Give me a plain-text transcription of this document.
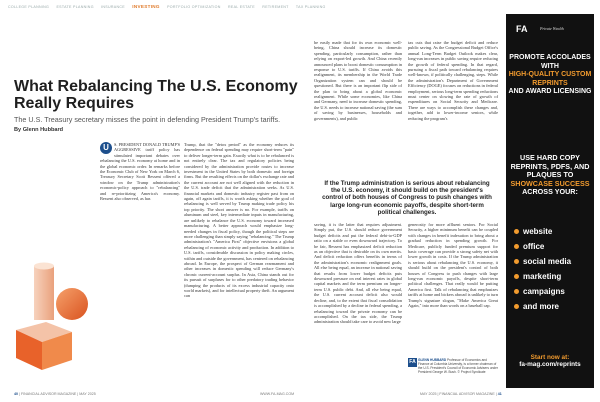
COLLEGE PLANNING ESTATE PLANNING INSURANCE INVESTING PORTFOLIO OPTIMIZATION REAL ESTATE RETIREMENT TAX PLANNING
What Rebalancing The U.S. Economy Really Requires
The U.S. Treasury secretary misses the point in defending President Trump's tariffs.
By Glenn Hubbard
U	S. PRESIDENT DONALD TRUMP'S AGGRESSIVE tariff policy has stimulated important debates over rebalancing the U.S. economy at home and in the global economic order. In remarks before the Economic Club of New York on March 6, Treasury Secretary Scott Bessent offered a window on the Trump administration's economic-policy approach to "rebalancing" and re-prioritizing America's economy. Bessent also observed, as has
Trump, that the "detox period" as the economy reduces its dependence on federal spending may require short-term "pain" to deliver longer-term gain. Exactly what is to be rebalanced is not entirely clear. The tax and regulatory policies being considered by the administration provide routes to increase investment in the United States by both domestic and foreign firms. But the resulting effects on the dollar's exchange rate and the current account are not well aligned with the reduction in the U.S. trade deficit that the administration seeks. As U.S. financial markets and domestic industry register past from on again, off again tariffs, it is worth asking whether the goal of rebalancing is well served by Trump making trade policy his top priority. The short answer is no. For example, tariffs on aluminum and steel, key intermediate inputs in manufacturing, are unlikely to rebalance the U.S. economy toward increased manufacturing. A better approach would emphasize long-needed changes in fiscal policy, though the political steps are more challenging than simply saying "rebalancing." The Trump administration's "America First" objective envisions a global rebalancing of economic activity and production. In addition to U.S. tariffs, considerable discussion in policy making circles, within and outside the government, has centered on rebalancing abroad. In Europe, the prospect of German rearmament and other increases in domestic spending will reduce Germany's chronic current-account surplus. In Asia, China stands out for its pursuit of surpluses for to other predatory trading behavior (dumping the products of its excess industrial capacity onto world markets), and for intellectual property theft. An argument can
40 | FINANCIAL ADVISOR MAGAZINE | MAY 2025	WWW.FA-MAG.COM
be easily made that for its own economic well-being, China should increase its domestic spending, particularly consumption, rather than relying on export-led growth. And China recently announced plans to boost domestic consumption in response to U.S. tariffs. If China avoids this realignment, its membership in the World Trade Organization system can and should be questioned. But there is an important flip side of the plan to bring about a global economic realignment. While some economies, like China and Germany, need to increase domestic spending, the U.S. needs to increase national saving (the sum of saving by businesses, households and governments), and public
tax cuts that raise the budget deficit and reduce public saving. As the Congressional Budget Office's annual Long-Term Budget Outlook makes clear, long-run increases in public saving require reducing the growth of federal spending. In that regard, pursuing a fiscal path toward rebalancing requires well-known, if politically challenging, steps. While the administration's Department of Government Efficiency (DOGE) focuses on reductions in federal employment, serious long-term spending reductions must center on slowing the rate of growth of expenditures on Social Security and Medicare. There are ways to accomplish these changes and, together, add to lower-income seniors, while reducing the program's
If the Trump administration is serious about rebalancing the U.S. economy, it should build on the president's control of both houses of Congress to push changes with large long-run economic payoffs, despite short-term political challenges.
saving, it is the latter that requires adjustment. Simply put, the U.S. should reduce government budget deficits and put the federal debt-to-GDP ratio on a stable or even downward trajectory. To be fair, Bessent has emphasized deficit reduction as an objective that is desirable on its own merits. And deficit reduction offers benefits in terms of the administration's economic realignment goals. All else being equal, an increase in national saving that results from lower budget deficits puts downward pressure on real interest rates in global capital markets and the term premium on longer-term U.S. public debt. And, all else being equal, the U.S. current account deficit also would decline, and, to the extent that fiscal consolidation is accomplished by a decline in federal spending, a rebalancing toward the private economy can be accomplished. On the tax side, the Trump administration should take care to avoid new large
generosity for more affluent seniors. For Social Security, a higher minimum benefit can be coupled with changes in benefit indexation to bring about a gradual reduction in spending growth. For Medicare, publicly funded premium support for basic coverage can provide a strong safety net with lower growth in costs. If the Trump administration is serious about rebalancing the U.S. economy, it should build on the president's control of both houses of Congress to push changes with large long-run economic payoffs, despite short-term political challenges. That really would be putting America first. Talk of rebalancing that emphasizes tariffs at home and bickers abroad is unlikely to turn Trump's signature slogan, "Make America Great Again," into more than words on a baseball cap.
FA GLENN HUBBARD Professor of Economics and Finance at Columbia University, is a former chairman of the U.S. President's Council of Economic Advisers under President George W. Bush. © Project Syndicate
FA	Private Wealth
PROMOTE ACCOLADES WITH
HIGH-QUALITY CUSTOM REPRINTS
AND AWARD LICENSING
USE HARD COPY REPRINTS, PDFS, AND PLAQUES TO
SHOWCASE SUCCESS
ACROSS YOUR:
website
office
social media
marketing
campaigns
and more
Start now at:
fa-mag.com/reprints
MAY 2025 | FINANCIAL ADVISOR MAGAZINE | 41
